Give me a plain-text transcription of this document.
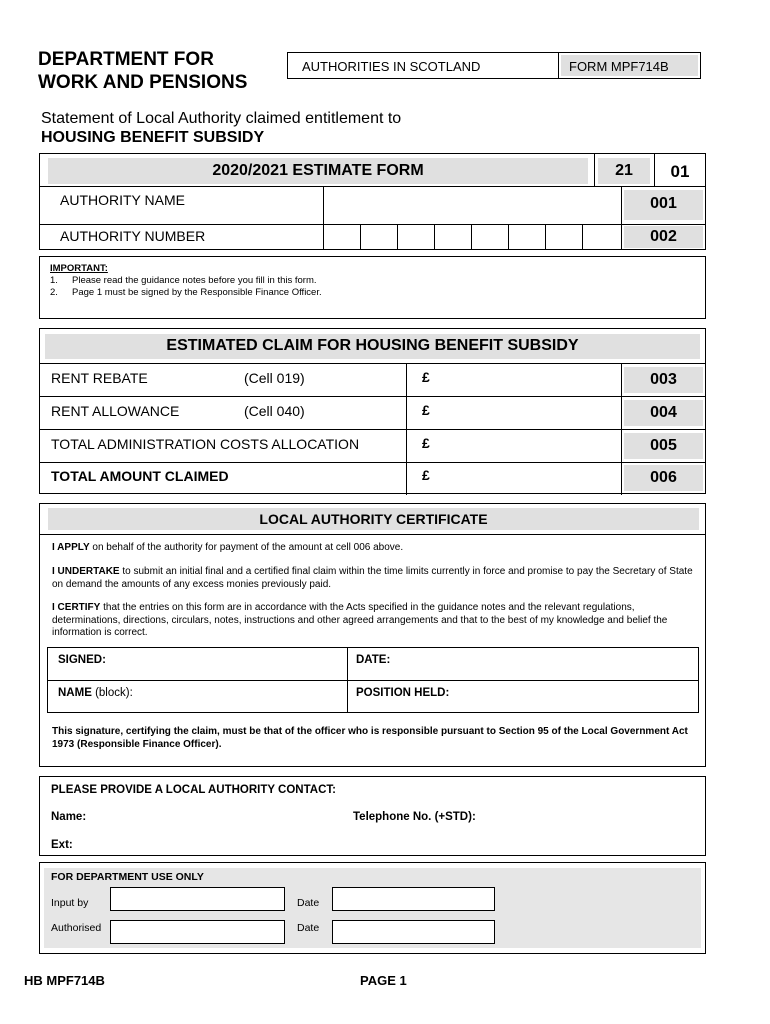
DEPARTMENT FOR
WORK AND PENSIONS
AUTHORITIES IN SCOTLAND	FORM MPF714B
Statement of Local Authority claimed entitlement to
HOUSING BENEFIT SUBSIDY
2020/2021 ESTIMATE FORM	21	01
AUTHORITY NAME	001
AUTHORITY NUMBER	002
IMPORTANT:
1. Please read the guidance notes before you fill in this form.
2. Page 1 must be signed by the Responsible Finance Officer.
ESTIMATED CLAIM FOR HOUSING BENEFIT SUBSIDY
RENT REBATE	(Cell 019)	£	003
RENT ALLOWANCE	(Cell 040)	£	004
TOTAL ADMINISTRATION COSTS ALLOCATION	£	005
TOTAL AMOUNT CLAIMED	£	006
LOCAL AUTHORITY CERTIFICATE
I APPLY on behalf of the authority for payment of the amount at cell 006 above.
I UNDERTAKE to submit an initial final and a certified final claim within the time limits currently in force and promise to pay the Secretary of State on demand the amounts of any excess monies previously paid.
I CERTIFY that the entries on this form are in accordance with the Acts specified in the guidance notes and the relevant regulations, determinations, directions, circulars, notes, instructions and other agreed arrangements and that to the best of my knowledge and belief the information is correct.
SIGNED:	DATE:
NAME (block):	POSITION HELD:
This signature, certifying the claim, must be that of the officer who is responsible pursuant to Section 95 of the Local Government Act 1973 (Responsible Finance Officer).
PLEASE PROVIDE A LOCAL AUTHORITY CONTACT:
Name:	Telephone No. (+STD):
Ext:
FOR DEPARTMENT USE ONLY
Input by	Date
Authorised	Date
HB MPF714B	PAGE 1
